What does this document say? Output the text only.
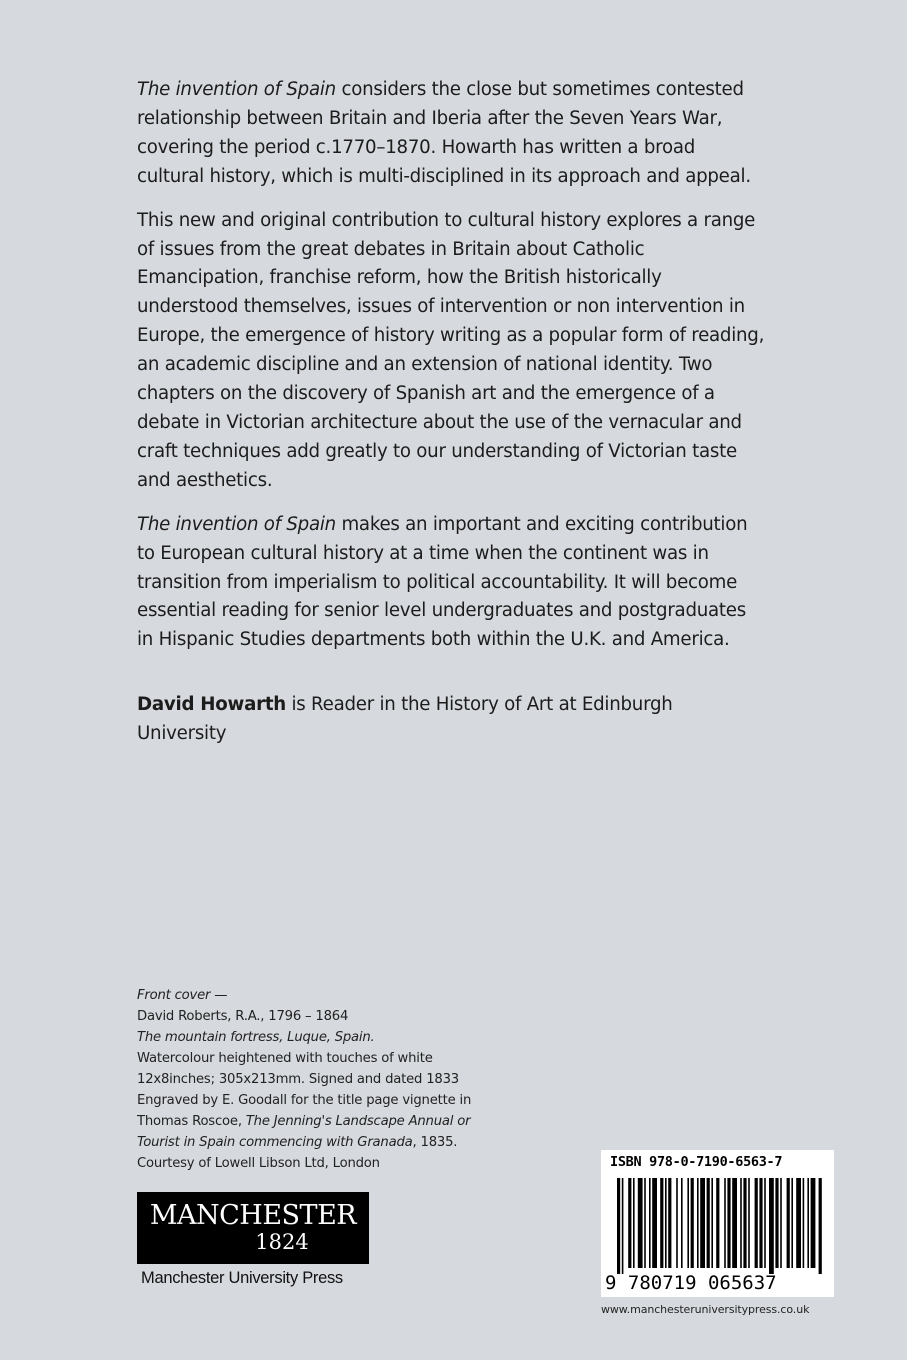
The invention of Spain considers the close but sometimes contested relationship between Britain and Iberia after the Seven Years War, covering the period c.1770–1870. Howarth has written a broad cultural history, which is multi-disciplined in its approach and appeal.

This new and original contribution to cultural history explores a range of issues from the great debates in Britain about Catholic Emancipation, franchise reform, how the British historically understood themselves, issues of intervention or non intervention in Europe, the emergence of history writing as a popular form of reading, an academic discipline and an extension of national identity. Two chapters on the discovery of Spanish art and the emergence of a debate in Victorian architecture about the use of the vernacular and craft techniques add greatly to our understanding of Victorian taste and aesthetics.

The invention of Spain makes an important and exciting contribution to European cultural history at a time when the continent was in transition from imperialism to political accountability. It will become essential reading for senior level undergraduates and postgraduates in Hispanic Studies departments both within the U.K. and America.

David Howarth is Reader in the History of Art at Edinburgh University

Front cover —
David Roberts, R.A., 1796 – 1864
The mountain fortress, Luque, Spain.
Watercolour heightened with touches of white
12x8inches; 305x213mm. Signed and dated 1833
Engraved by E. Goodall for the title page vignette in
Thomas Roscoe, The Jenning's Landscape Annual or
Tourist in Spain commencing with Granada, 1835.
Courtesy of Lowell Libson Ltd, London
MANCHESTER
1824
Manchester University Press
ISBN 978-0-7190-6563-7
9 780719 065637
www.manchesteruniversitypress.co.uk
